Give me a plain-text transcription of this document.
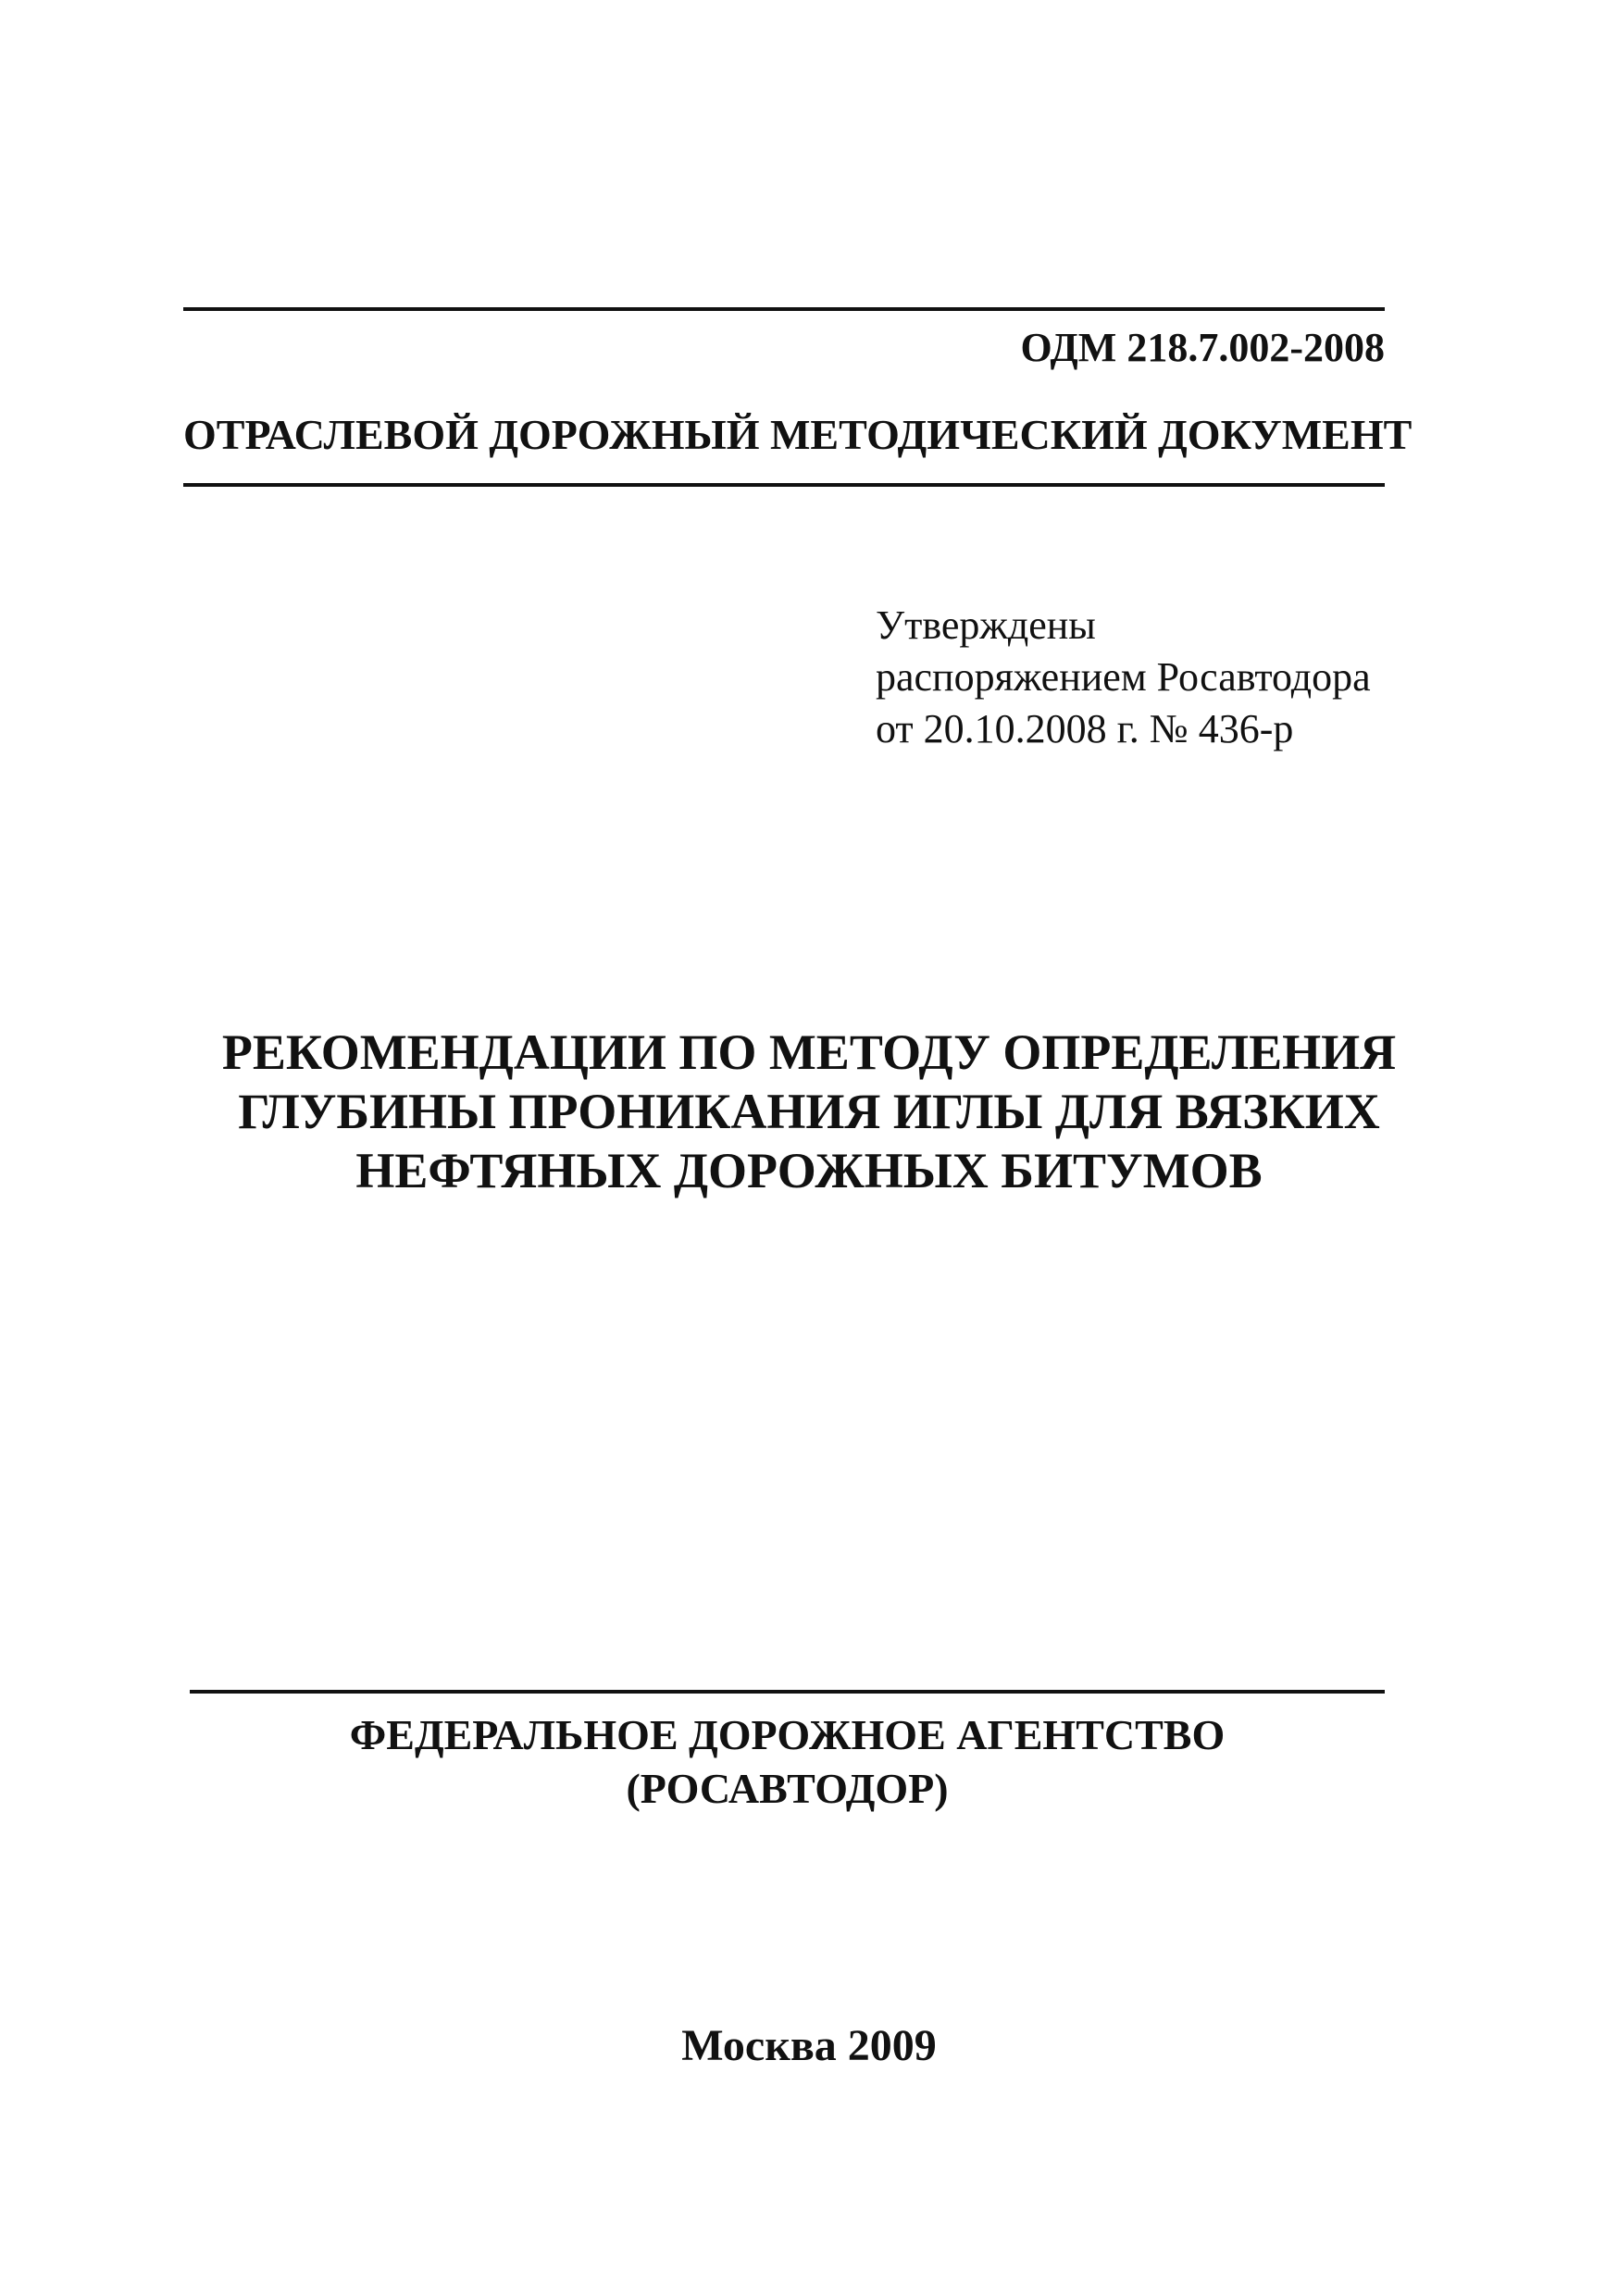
ОДМ 218.7.002-2008
ОТРАСЛЕВОЙ ДОРОЖНЫЙ МЕТОДИЧЕСКИЙ ДОКУМЕНТ
Утверждены
распоряжением Росавтодора
от 20.10.2008 г. № 436-р
РЕКОМЕНДАЦИИ ПО МЕТОДУ ОПРЕДЕЛЕНИЯ
ГЛУБИНЫ ПРОНИКАНИЯ ИГЛЫ ДЛЯ ВЯЗКИХ
НЕФТЯНЫХ ДОРОЖНЫХ БИТУМОВ
ФЕДЕРАЛЬНОЕ ДОРОЖНОЕ АГЕНТСТВО
(РОСАВТОДОР)
Москва 2009
